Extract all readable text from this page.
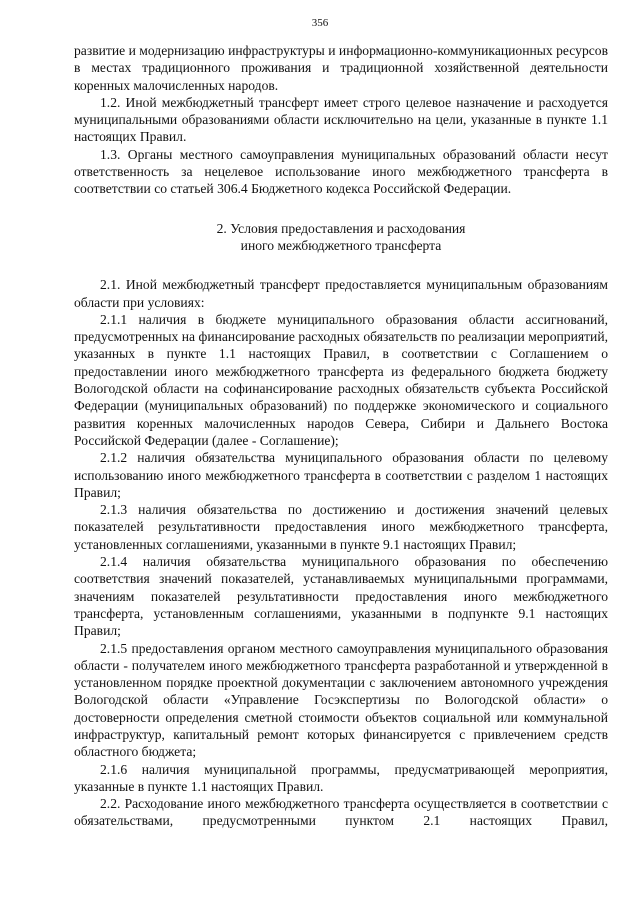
356

развитие и модернизацию инфраструктуры и информационно-коммуникационных ресурсов в местах традиционного проживания и традиционной хозяйственной деятельности коренных малочисленных народов.

1.2. Иной межбюджетный трансферт имеет строго целевое назначение и расходуется муниципальными образованиями области исключительно на цели, указанные в пункте 1.1 настоящих Правил.

1.3. Органы местного самоуправления муниципальных образований области несут ответственность за нецелевое использование иного межбюджетного трансферта в соответствии со статьей 306.4 Бюджетного кодекса Российской Федерации.

2. Условия предоставления и расходования
иного межбюджетного трансферта

2.1. Иной межбюджетный трансферт предоставляется муниципальным образованиям области при условиях:

2.1.1 наличия в бюджете муниципального образования области ассигнований, предусмотренных на финансирование расходных обязательств по реализации мероприятий, указанных в пункте 1.1 настоящих Правил, в соответствии с Соглашением о предоставлении иного межбюджетного трансферта из федерального бюджета бюджету Вологодской области на софинансирование расходных обязательств субъекта Российской Федерации (муниципальных образований) по поддержке экономического и социального развития коренных малочисленных народов Севера, Сибири и Дальнего Востока Российской Федерации (далее - Соглашение);

2.1.2 наличия обязательства муниципального образования области по целевому использованию иного межбюджетного трансферта в соответствии с разделом 1 настоящих Правил;

2.1.3 наличия обязательства по достижению и достижения значений целевых показателей результативности предоставления иного межбюджетного трансферта, установленных соглашениями, указанными в пункте 9.1 настоящих Правил;

2.1.4 наличия обязательства муниципального образования по обеспечению соответствия значений показателей, устанавливаемых муниципальными программами, значениям показателей результативности предоставления иного межбюджетного трансферта, установленным соглашениями, указанными в подпункте 9.1 настоящих Правил;

2.1.5 предоставления органом местного самоуправления муниципального образования области - получателем иного межбюджетного трансферта разработанной и утвержденной в установленном порядке проектной документации с заключением автономного учреждения Вологодской области «Управление Госэкспертизы по Вологодской области» о достоверности определения сметной стоимости объектов социальной или коммунальной инфраструктур, капитальный ремонт которых финансируется с привлечением средств областного бюджета;

2.1.6 наличия муниципальной программы, предусматривающей мероприятия, указанные в пункте 1.1 настоящих Правил.

2.2. Расходование иного межбюджетного трансферта осуществляется в соответствии с обязательствами, предусмотренными пунктом 2.1 настоящих Правил,
